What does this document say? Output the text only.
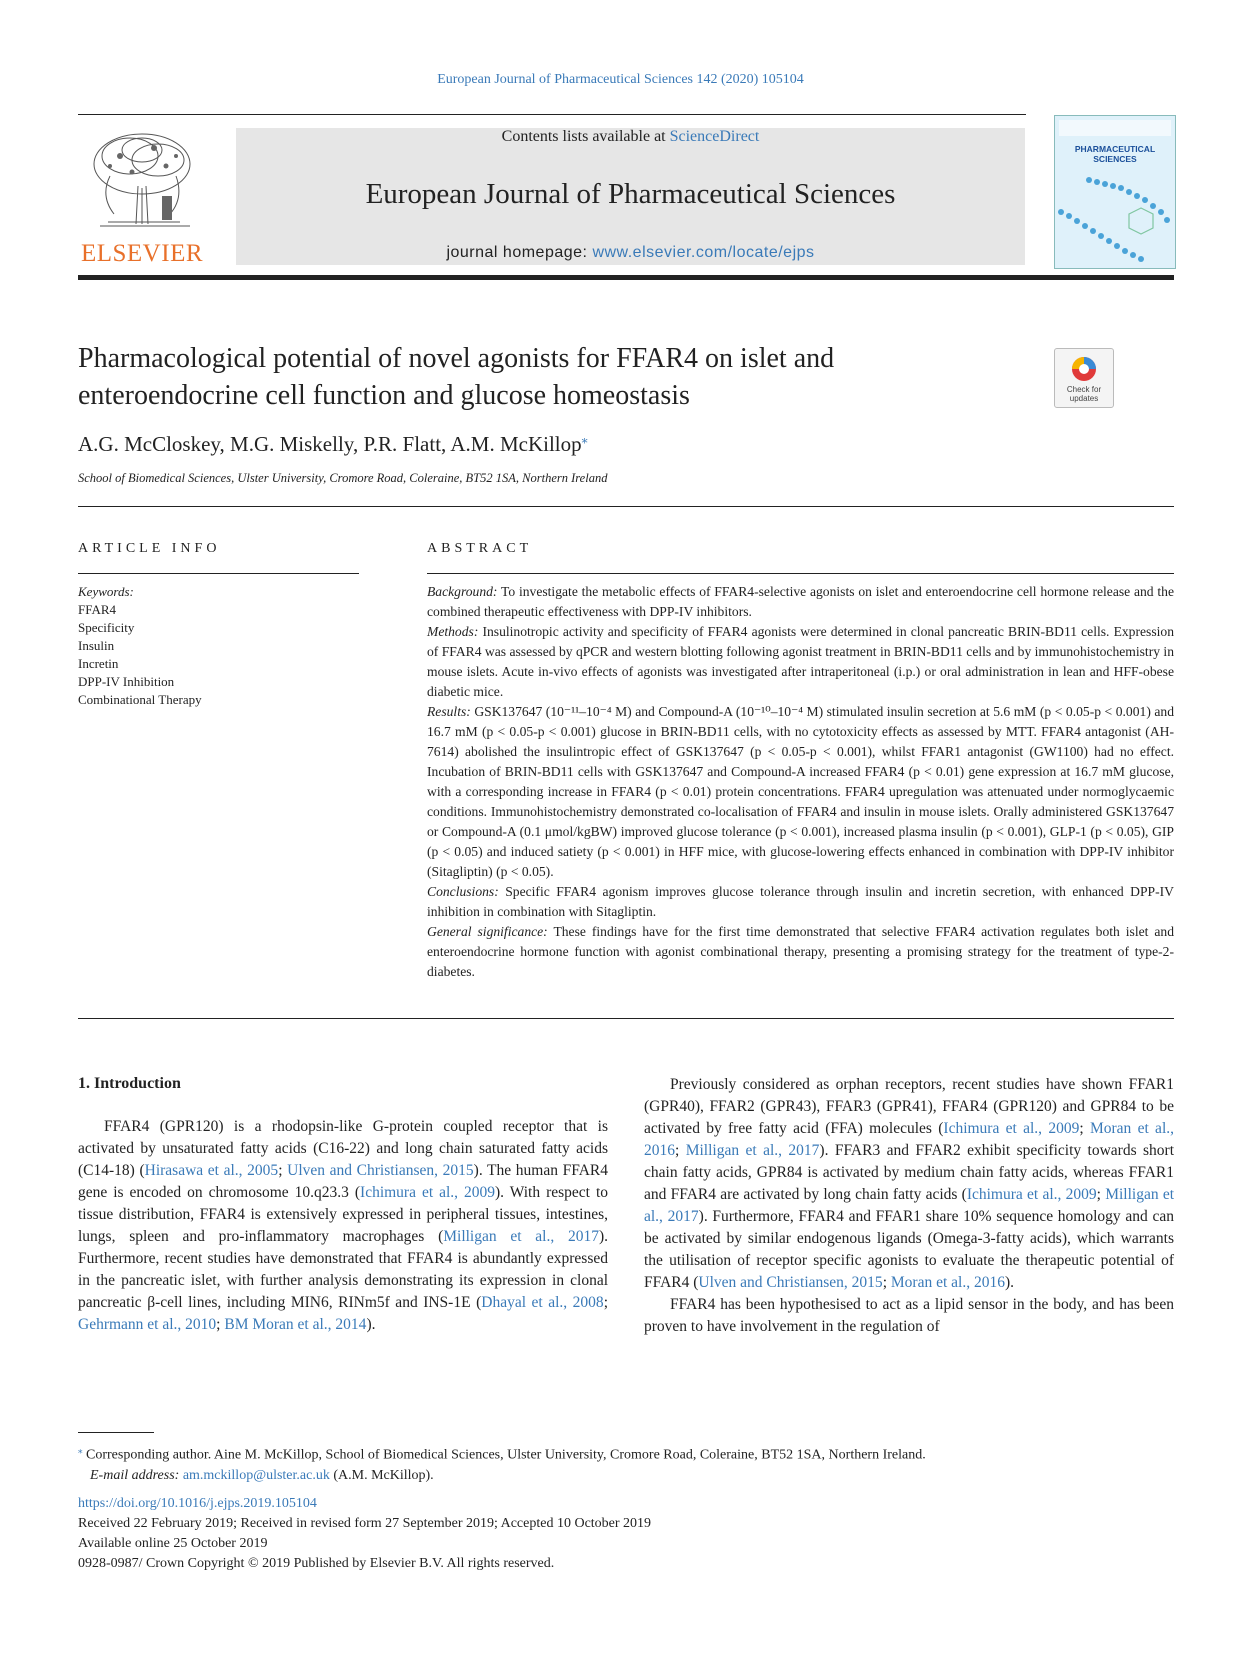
European Journal of Pharmaceutical Sciences 142 (2020) 105104
ELSEVIER
Contents lists available at ScienceDirect
European Journal of Pharmaceutical Sciences
journal homepage: www.elsevier.com/locate/ejps
PHARMACEUTICAL
SCIENCES
Pharmacological potential of novel agonists for FFAR4 on islet and
enteroendocrine cell function and glucose homeostasis	Check for
updates
A.G. McCloskey, M.G. Miskelly, P.R. Flatt, A.M. McKillop⁎
School of Biomedical Sciences, Ulster University, Cromore Road, Coleraine, BT52 1SA, Northern Ireland
ARTICLE INFO
Keywords:
FFAR4
Specificity
Insulin
Incretin
DPP-IV Inhibition
Combinational Therapy
ABSTRACT

Background: To investigate the metabolic effects of FFAR4-selective agonists on islet and enteroendocrine cell hormone release and the combined therapeutic effectiveness with DPP-IV inhibitors.

Methods: Insulinotropic activity and specificity of FFAR4 agonists were determined in clonal pancreatic BRIN-BD11 cells. Expression of FFAR4 was assessed by qPCR and western blotting following agonist treatment in BRIN-BD11 cells and by immunohistochemistry in mouse islets. Acute in-vivo effects of agonists was investigated after intraperitoneal (i.p.) or oral administration in lean and HFF-obese diabetic mice.

Results: GSK137647 (10⁻¹¹–10⁻⁴ M) and Compound-A (10⁻¹⁰–10⁻⁴ M) stimulated insulin secretion at 5.6 mM (p < 0.05-p < 0.001) and 16.7 mM (p < 0.05-p < 0.001) glucose in BRIN-BD11 cells, with no cytotoxicity effects as assessed by MTT. FFAR4 antagonist (AH-7614) abolished the insulintropic effect of GSK137647 (p < 0.05-p < 0.001), whilst FFAR1 antagonist (GW1100) had no effect. Incubation of BRIN-BD11 cells with GSK137647 and Compound-A increased FFAR4 (p < 0.01) gene expression at 16.7 mM glucose, with a corresponding increase in FFAR4 (p < 0.01) protein concentrations. FFAR4 upregulation was attenuated under normoglycaemic conditions. Immunohistochemistry demonstrated co-localisation of FFAR4 and insulin in mouse islets. Orally administered GSK137647 or Compound-A (0.1 μmol/kgBW) improved glucose tolerance (p < 0.001), increased plasma insulin (p < 0.001), GLP-1 (p < 0.05), GIP (p < 0.05) and induced satiety (p < 0.001) in HFF mice, with glucose-lowering effects enhanced in combination with DPP-IV inhibitor (Sitagliptin) (p < 0.05).

Conclusions: Specific FFAR4 agonism improves glucose tolerance through insulin and incretin secretion, with enhanced DPP-IV inhibition in combination with Sitagliptin.

General significance: These findings have for the first time demonstrated that selective FFAR4 activation regulates both islet and enteroendocrine hormone function with agonist combinational therapy, presenting a promising strategy for the treatment of type-2-diabetes.

1. Introduction

FFAR4 (GPR120) is a rhodopsin-like G-protein coupled receptor that is activated by unsaturated fatty acids (C16-22) and long chain saturated fatty acids (C14-18) (Hirasawa et al., 2005; Ulven and Christiansen, 2015). The human FFAR4 gene is encoded on chromosome 10.q23.3 (Ichimura et al., 2009). With respect to tissue distribution, FFAR4 is extensively expressed in peripheral tissues, intestines, lungs, spleen and pro-inflammatory macrophages (Milligan et al., 2017). Furthermore, recent studies have demonstrated that FFAR4 is abundantly expressed in the pancreatic islet, with further analysis demonstrating its expression in clonal pancreatic β-cell lines, including MIN6, RINm5f and INS-1E (Dhayal et al., 2008; Gehrmann et al., 2010; BM Moran et al., 2014).

Previously considered as orphan receptors, recent studies have shown FFAR1 (GPR40), FFAR2 (GPR43), FFAR3 (GPR41), FFAR4 (GPR120) and GPR84 to be activated by free fatty acid (FFA) molecules (Ichimura et al., 2009; Moran et al., 2016; Milligan et al., 2017). FFAR3 and FFAR2 exhibit specificity towards short chain fatty acids, GPR84 is activated by medium chain fatty acids, whereas FFAR1 and FFAR4 are activated by long chain fatty acids (Ichimura et al., 2009; Milligan et al., 2017). Furthermore, FFAR4 and FFAR1 share 10% sequence homology and can be activated by similar endogenous ligands (Omega-3-fatty acids), which warrants the utilisation of receptor specific agonists to evaluate the therapeutic potential of FFAR4 (Ulven and Christiansen, 2015; Moran et al., 2016).

FFAR4 has been hypothesised to act as a lipid sensor in the body, and has been proven to have involvement in the regulation of

⁎ Corresponding author. Aine M. McKillop, School of Biomedical Sciences, Ulster University, Cromore Road, Coleraine, BT52 1SA, Northern Ireland.
E-mail address: am.mckillop@ulster.ac.uk (A.M. McKillop).
https://doi.org/10.1016/j.ejps.2019.105104
Received 22 February 2019; Received in revised form 27 September 2019; Accepted 10 October 2019
Available online 25 October 2019
0928-0987/ Crown Copyright © 2019 Published by Elsevier B.V. All rights reserved.
